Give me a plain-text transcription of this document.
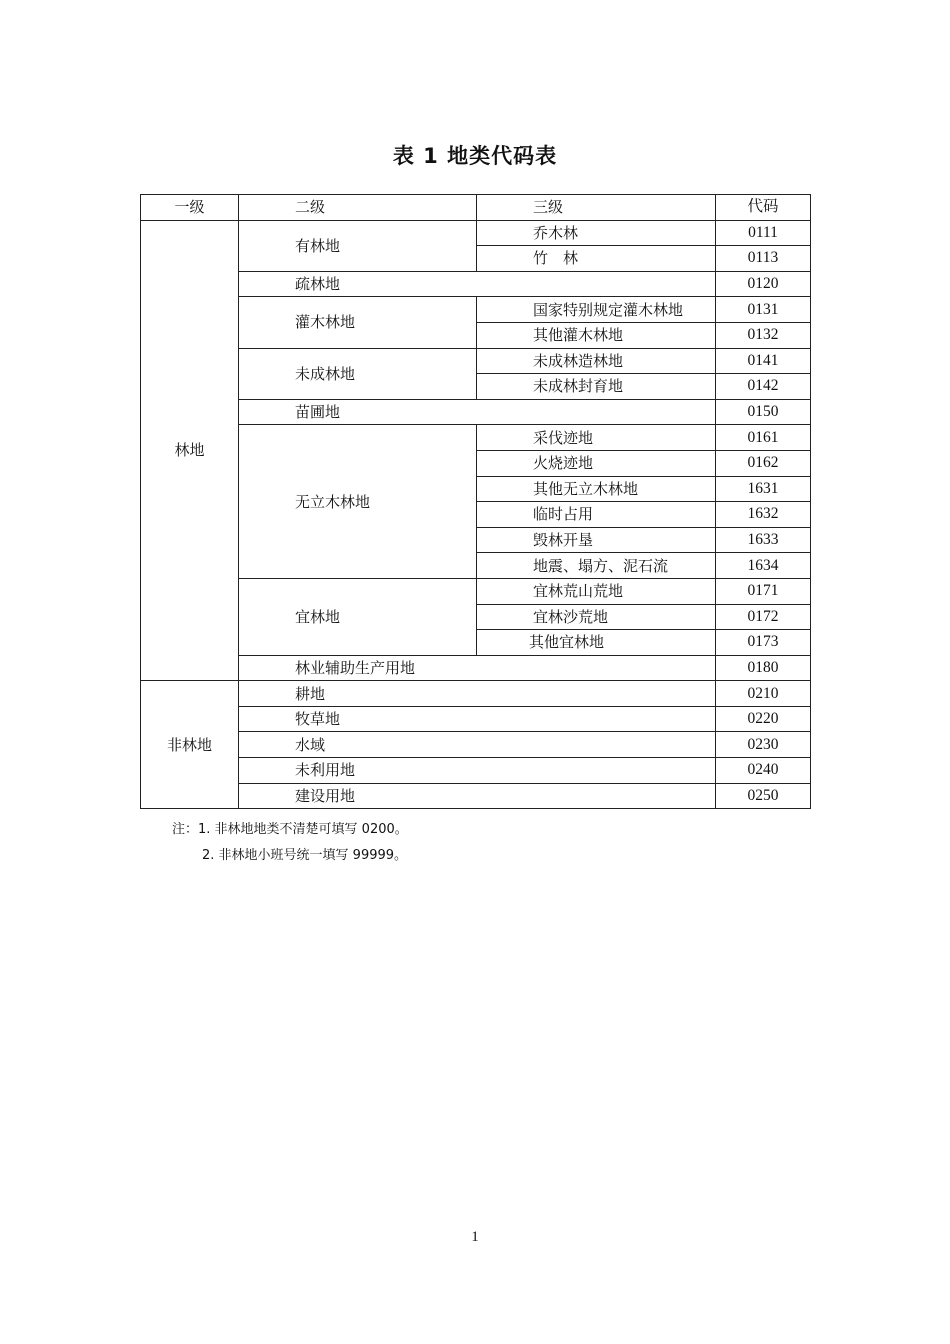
表 1 地类代码表
一级	二级	三级	代码
林地	有林地	乔木林	0111
		竹　林	0113
	疏林地		0120
	灌木林地	国家特别规定灌木林地	0131
		其他灌木林地	0132
	未成林地	未成林造林地	0141
		未成林封育地	0142
	苗圃地		0150
	无立木林地	采伐迹地	0161
		火烧迹地	0162
		其他无立木林地	1631
		临时占用	1632
		毁林开垦	1633
		地震、塌方、泥石流	1634
	宜林地	宜林荒山荒地	0171
		宜林沙荒地	0172
		其他宜林地	0173
	林业辅助生产用地		0180
非林地	耕地		0210
	牧草地		0220
	水域		0230
	未利用地		0240
	建设用地		0250
注：1. 非林地地类不清楚可填写 0200。
2. 非林地小班号统一填写 99999。
1
